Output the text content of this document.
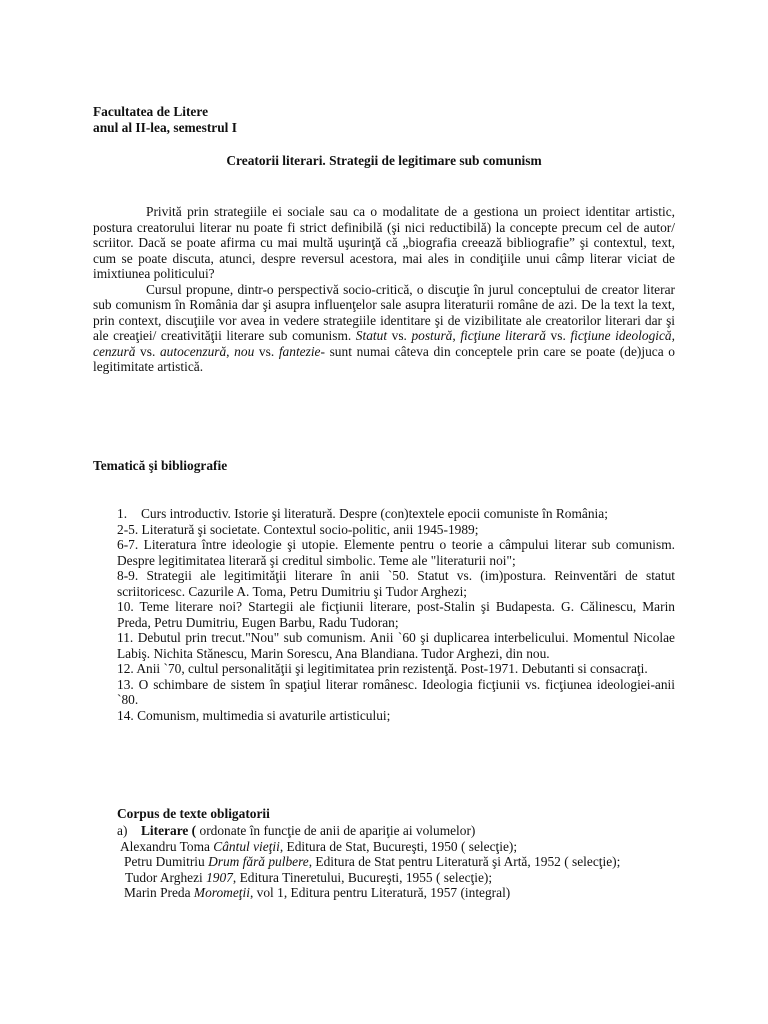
Facultatea de Litere
anul al II-lea, semestrul I
Creatorii literari. Strategii de legitimare sub comunism

Privită prin strategiile ei sociale sau ca o modalitate de a gestiona un proiect identitar artistic, postura creatorului literar nu poate fi strict definibilă (şi nici reductibilă) la concepte precum cel de autor/ scriitor. Dacă se poate afirma cu mai multă uşurinţă că „biografia creează bibliografie” şi contextul, text, cum se poate discuta, atunci, despre reversul acestora, mai ales in condiţiile unui câmp literar viciat de imixtiunea politicului?

Cursul propune, dintr-o perspectivă socio-critică, o discuţie în jurul conceptului de creator literar sub comunism în România dar şi asupra influenţelor sale asupra literaturii române de azi. De la text la text, prin context, discuţiile vor avea in vedere strategiile identitare şi de vizibilitate ale creatorilor literari dar şi ale creaţiei/ creativităţii literare sub comunism. Statut vs. postură, ficţiune literară vs. ficţiune ideologică, cenzură vs. autocenzură, nou vs. fantezie- sunt numai câteva din conceptele prin care se poate (de)juca o legitimitate artistică.

Tematică şi bibliografie

1. Curs introductiv. Istorie şi literatură. Despre (con)textele epocii comuniste în România;

2-5. Literatură şi societate. Contextul socio-politic, anii 1945-1989;

6-7. Literatura între ideologie şi utopie. Elemente pentru o teorie a câmpului literar sub comunism. Despre legitimitatea literară şi creditul simbolic. Teme ale "literaturii noi";

8-9. Strategii ale legitimităţii literare în anii `50. Statut vs. (im)postura. Reinventări de statut scriitoricesc. Cazurile A. Toma, Petru Dumitriu şi Tudor Arghezi;

10. Teme literare noi? Startegii ale ficţiunii literare, post-Stalin şi Budapesta. G. Călinescu, Marin Preda, Petru Dumitriu, Eugen Barbu, Radu Tudoran;

11. Debutul prin trecut."Nou" sub comunism. Anii `60 şi duplicarea interbelicului. Momentul Nicolae Labiş. Nichita Stănescu, Marin Sorescu, Ana Blandiana. Tudor Arghezi, din nou.

12. Anii `70, cultul personalităţii şi legitimitatea prin rezistenţă. Post-1971. Debutanti si consacraţi.

13. O schimbare de sistem în spaţiul literar românesc. Ideologia ficţiunii vs. ficţiunea ideologiei-anii `80.

14. Comunism, multimedia si avaturile artisticului;

Corpus de texte obligatorii

a) Literare ( ordonate în funcţie de anii de apariţie ai volumelor)

Alexandru Toma Cântul vieţii, Editura de Stat, Bucureşti, 1950 ( selecţie);

Petru Dumitriu Drum fără pulbere, Editura de Stat pentru Literatură şi Artă, 1952 ( selecţie);

Tudor Arghezi 1907, Editura Tineretului, Bucureşti, 1955 ( selecţie);

Marin Preda Moromeţii, vol 1, Editura pentru Literatură, 1957 (integral)
